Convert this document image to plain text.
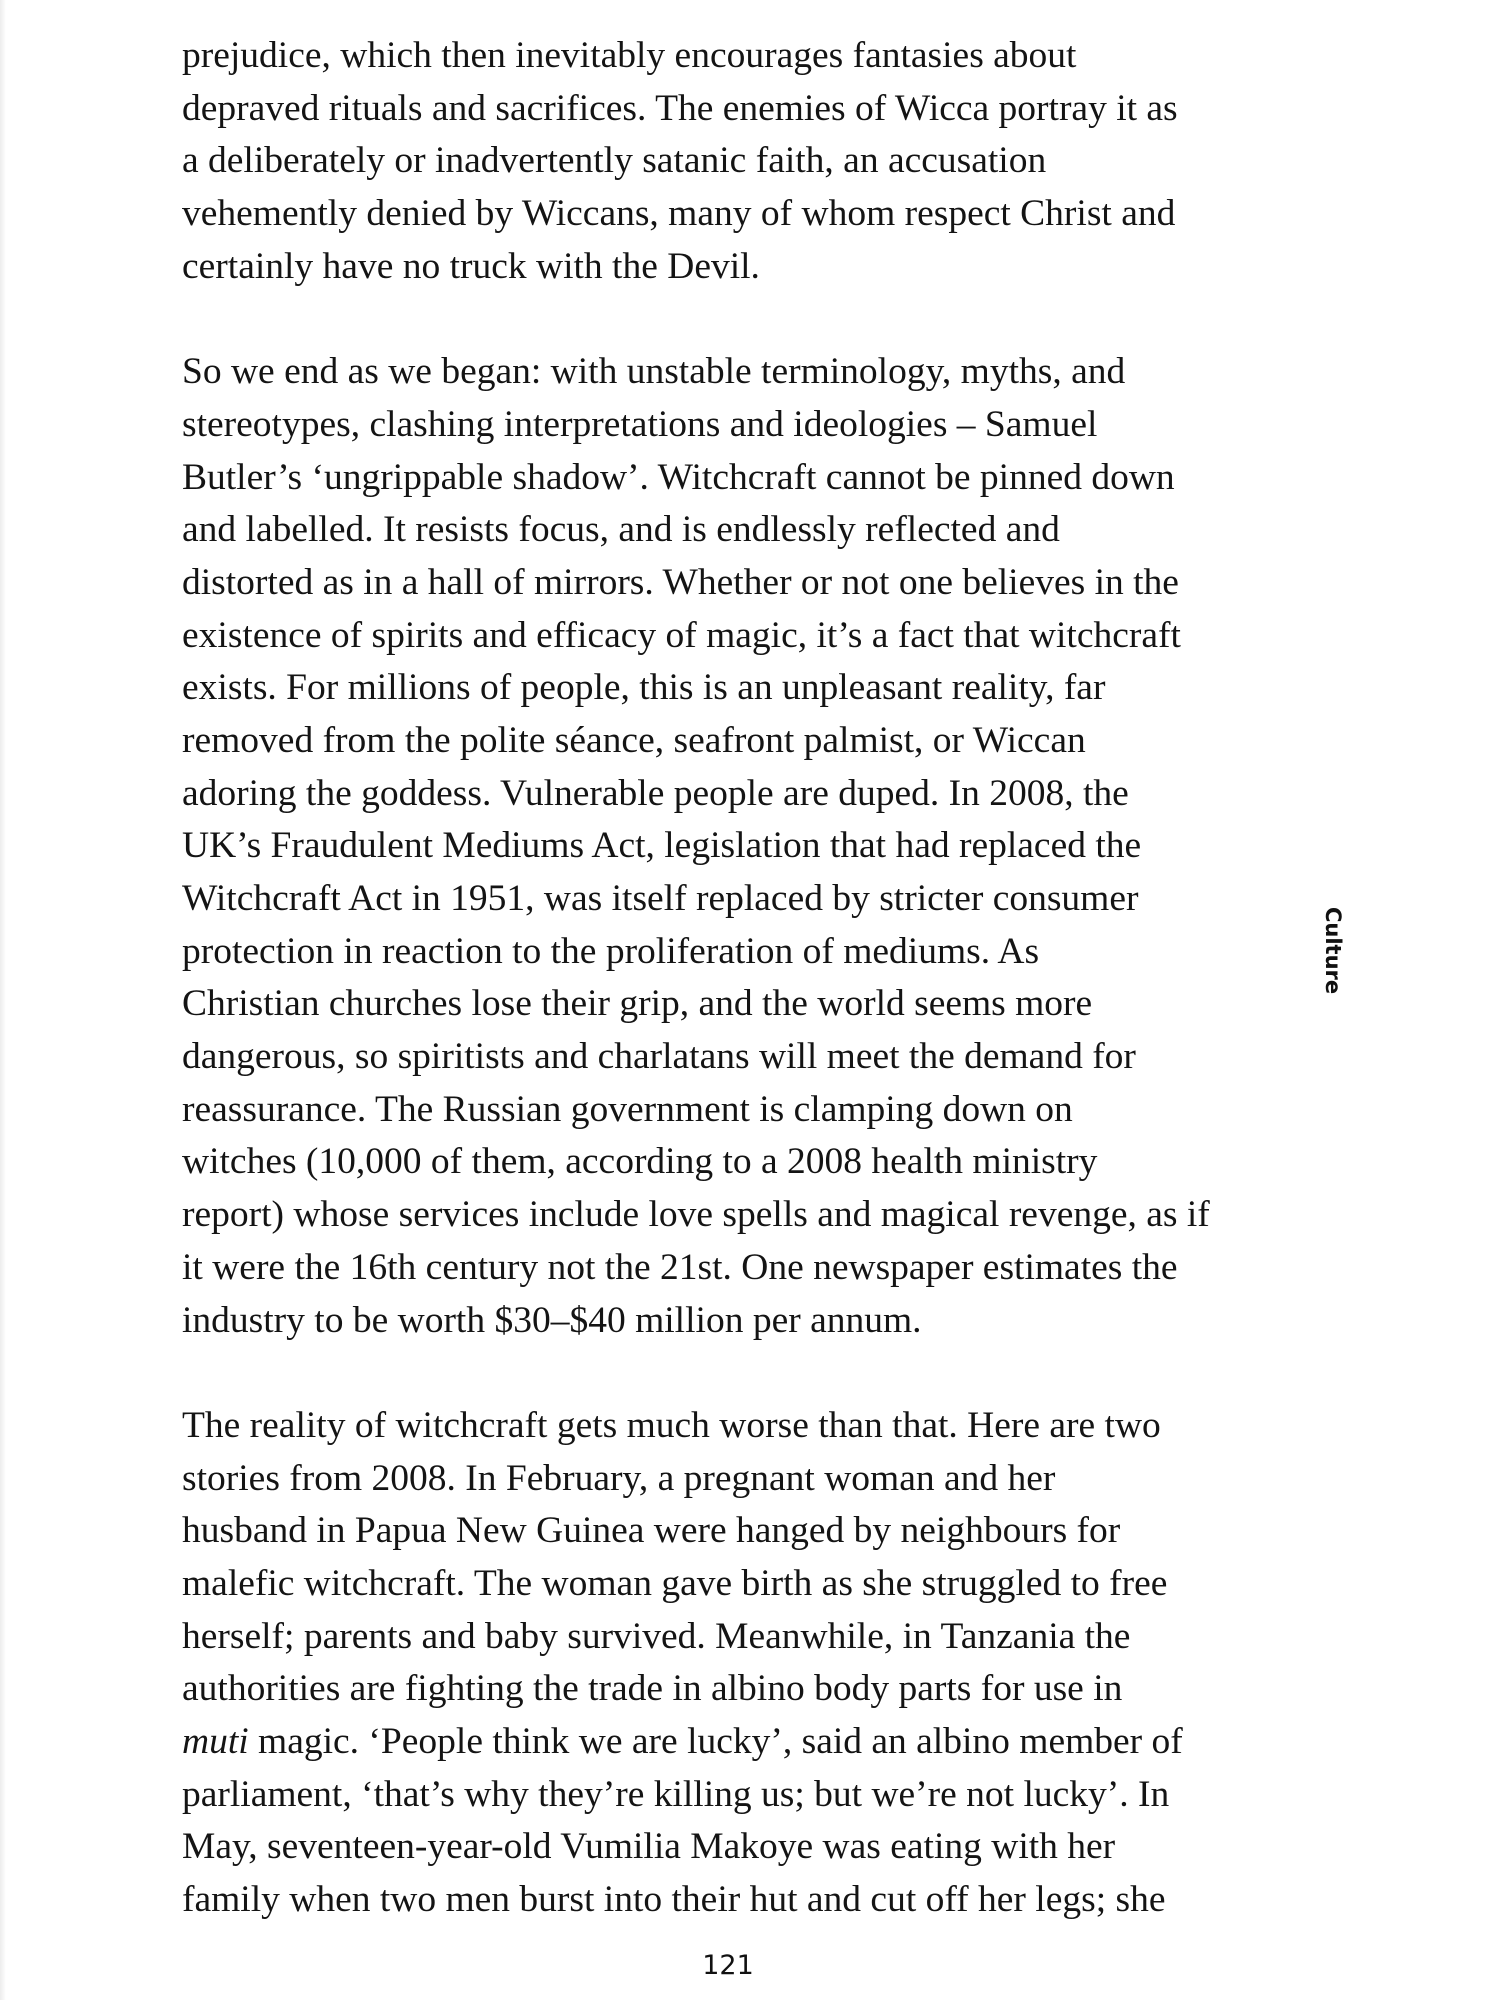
prejudice, which then inevitably encourages fantasies about
depraved rituals and sacrifices. The enemies of Wicca portray it as
a deliberately or inadvertently satanic faith, an accusation
vehemently denied by Wiccans, many of whom respect Christ and
certainly have no truck with the Devil.
So we end as we began: with unstable terminology, myths, and
stereotypes, clashing interpretations and ideologies – Samuel
Butler’s ‘ungrippable shadow’. Witchcraft cannot be pinned down
and labelled. It resists focus, and is endlessly reflected and
distorted as in a hall of mirrors. Whether or not one believes in the
existence of spirits and efficacy of magic, it’s a fact that witchcraft
exists. For millions of people, this is an unpleasant reality, far
removed from the polite séance, seafront palmist, or Wiccan
adoring the goddess. Vulnerable people are duped. In 2008, the
UK’s Fraudulent Mediums Act, legislation that had replaced the
Witchcraft Act in 1951, was itself replaced by stricter consumer
protection in reaction to the proliferation of mediums. As
Christian churches lose their grip, and the world seems more
dangerous, so spiritists and charlatans will meet the demand for
reassurance. The Russian government is clamping down on
witches (10,000 of them, according to a 2008 health ministry
report) whose services include love spells and magical revenge, as if
it were the 16th century not the 21st. One newspaper estimates the
industry to be worth $30–$40 million per annum.
The reality of witchcraft gets much worse than that. Here are two
stories from 2008. In February, a pregnant woman and her
husband in Papua New Guinea were hanged by neighbours for
malefic witchcraft. The woman gave birth as she struggled to free
herself; parents and baby survived. Meanwhile, in Tanzania the
authorities are fighting the trade in albino body parts for use in
muti magic. ‘People think we are lucky’, said an albino member of
parliament, ‘that’s why they’re killing us; but we’re not lucky’. In
May, seventeen-year-old Vumilia Makoye was eating with her
family when two men burst into their hut and cut off her legs; she
Culture
121
